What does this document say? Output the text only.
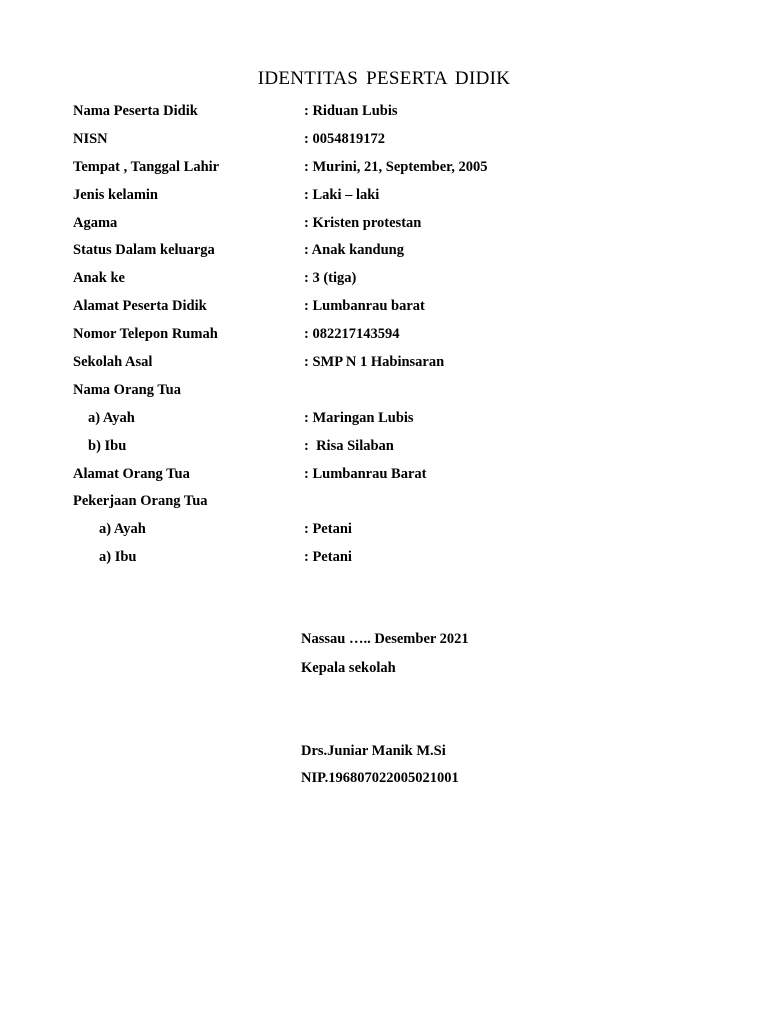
IDENTITAS PESERTA DIDIK
Nama Peserta Didik	: Riduan Lubis
NISN	: 0054819172
Tempat , Tanggal Lahir	: Murini, 21, September, 2005
Jenis kelamin	: Laki – laki
Agama	: Kristen protestan
Status Dalam keluarga	: Anak kandung
Anak ke	: 3 (tiga)
Alamat Peserta Didik	: Lumbanrau barat
Nomor Telepon Rumah	: 082217143594
Sekolah Asal	: SMP N 1 Habinsaran
Nama Orang Tua
a) Ayah	: Maringan Lubis
b) Ibu	:  Risa Silaban
Alamat Orang Tua	: Lumbanrau Barat
Pekerjaan Orang Tua
a) Ayah	: Petani
a) Ibu	: Petani
Nassau ….. Desember 2021
Kepala sekolah
Drs.Juniar Manik M.Si
NIP.196807022005021001
